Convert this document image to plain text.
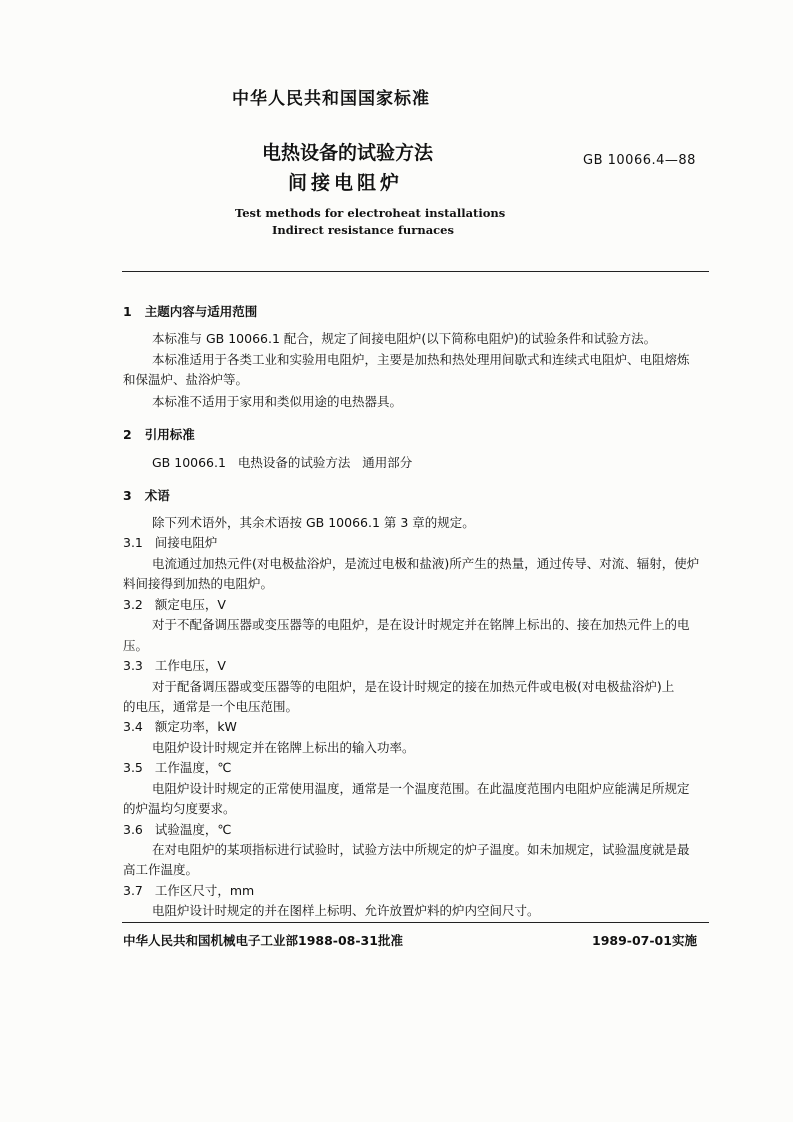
中华人民共和国国家标准
电热设备的试验方法
间接电阻炉
GB 10066.4—88
Test methods for electroheat installations
Indirect resistance furnaces
1 主题内容与适用范围
本标准与 GB 10066.1 配合，规定了间接电阻炉(以下简称电阻炉)的试验条件和试验方法。
本标准适用于各类工业和实验用电阻炉，主要是加热和热处理用间歇式和连续式电阻炉、电阻熔炼
和保温炉、盐浴炉等。
本标准不适用于家用和类似用途的电热器具。
2 引用标准
GB 10066.1   电热设备的试验方法   通用部分
3 术语
除下列术语外，其余术语按 GB 10066.1 第 3 章的规定。
3.1 间接电阻炉
电流通过加热元件(对电极盐浴炉，是流过电极和盐液)所产生的热量，通过传导、对流、辐射，使炉
料间接得到加热的电阻炉。
3.2 额定电压，V
对于不配备调压器或变压器等的电阻炉，是在设计时规定并在铭牌上标出的、接在加热元件上的电
压。
3.3 工作电压，V
对于配备调压器或变压器等的电阻炉，是在设计时规定的接在加热元件或电极(对电极盐浴炉)上
的电压，通常是一个电压范围。
3.4 额定功率，kW
电阻炉设计时规定并在铭牌上标出的输入功率。
3.5 工作温度，℃
电阻炉设计时规定的正常使用温度，通常是一个温度范围。在此温度范围内电阻炉应能满足所规定
的炉温均匀度要求。
3.6 试验温度，℃
在对电阻炉的某项指标进行试验时，试验方法中所规定的炉子温度。如未加规定，试验温度就是最
高工作温度。
3.7 工作区尺寸，mm
电阻炉设计时规定的并在图样上标明、允许放置炉料的炉内空间尺寸。
中华人民共和国机械电子工业部1988-08-31批准	1989-07-01实施
